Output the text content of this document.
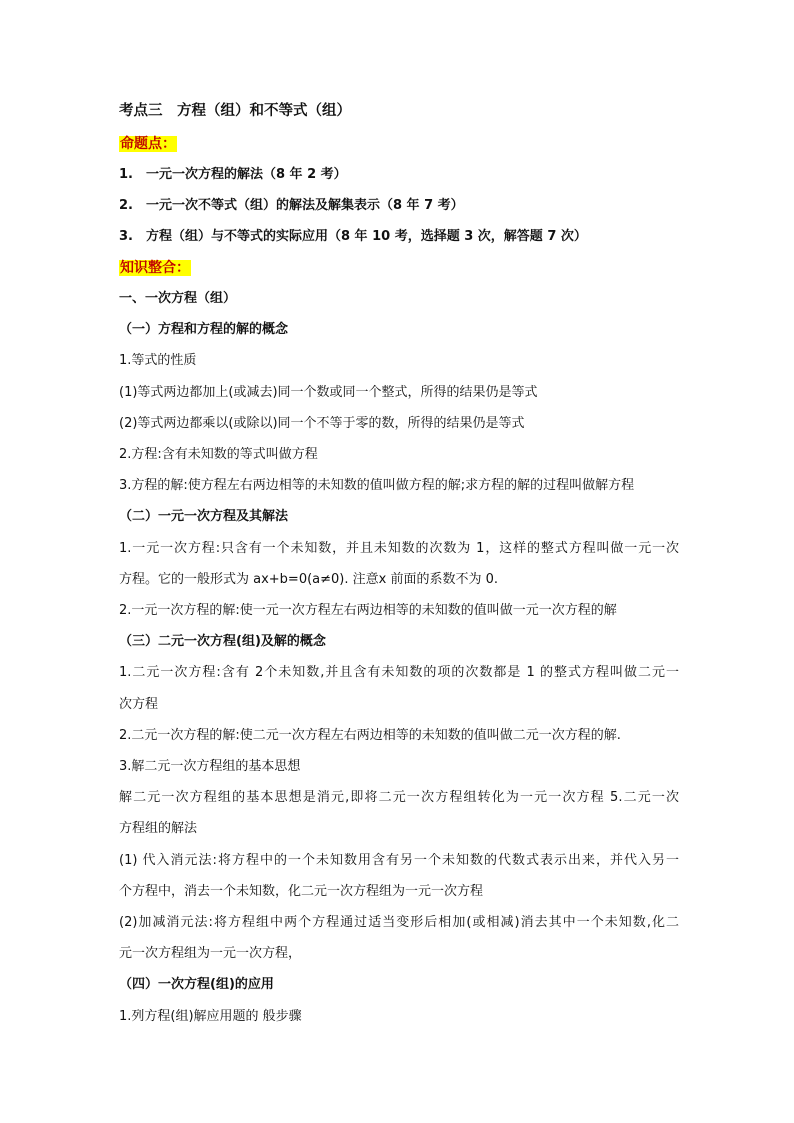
考点三　方程（组）和不等式（组）
命题点：
1.　一元一次方程的解法（8 年 2 考）
2.　一元一次不等式（组）的解法及解集表示（8 年 7 考）
3.　方程（组）与不等式的实际应用（8 年 10 考，选择题 3 次，解答题 7 次）
知识整合：
一、一次方程（组）
（一）方程和方程的解的概念
1.等式的性质
(1)等式两边都加上(或减去)同一个数或同一个整式，所得的结果仍是等式
(2)等式两边都乘以(或除以)同一个不等于零的数，所得的结果仍是等式
2.方程:含有未知数的等式叫做方程
3.方程的解:使方程左右两边相等的未知数的值叫做方程的解;求方程的解的过程叫做解方程
（二）一元一次方程及其解法
1.一元一次方程:只含有一个未知数，并且未知数的次数为 1，这样的整式方程叫做一元一次
方程。它的一般形式为 ax+b=0(a≠0). 注意x 前面的系数不为 0.
2.一元一次方程的解:使一元一次方程左右两边相等的未知数的值叫做一元一次方程的解
（三）二元一次方程(组)及解的概念
1.二元一次方程:含有 2个未知数,并且含有未知数的项的次数都是 1 的整式方程叫做二元一
次方程
2.二元一次方程的解:使二元一次方程左右两边相等的未知数的值叫做二元一次方程的解.
3.解二元一次方程组的基本思想
解二元一次方程组的基本思想是消元,即将二元一次方程组转化为一元一次方程 5.二元一次
方程组的解法
(1) 代入消元法:将方程中的一个未知数用含有另一个未知数的代数式表示出来，并代入另一
个方程中，消去一个未知数，化二元一次方程组为一元一次方程
(2)加减消元法:将方程组中两个方程通过适当变形后相加(或相减)消去其中一个未知数,化二
元一次方程组为一元一次方程，
（四）一次方程(组)的应用
1.列方程(组)解应用题的 般步骤
